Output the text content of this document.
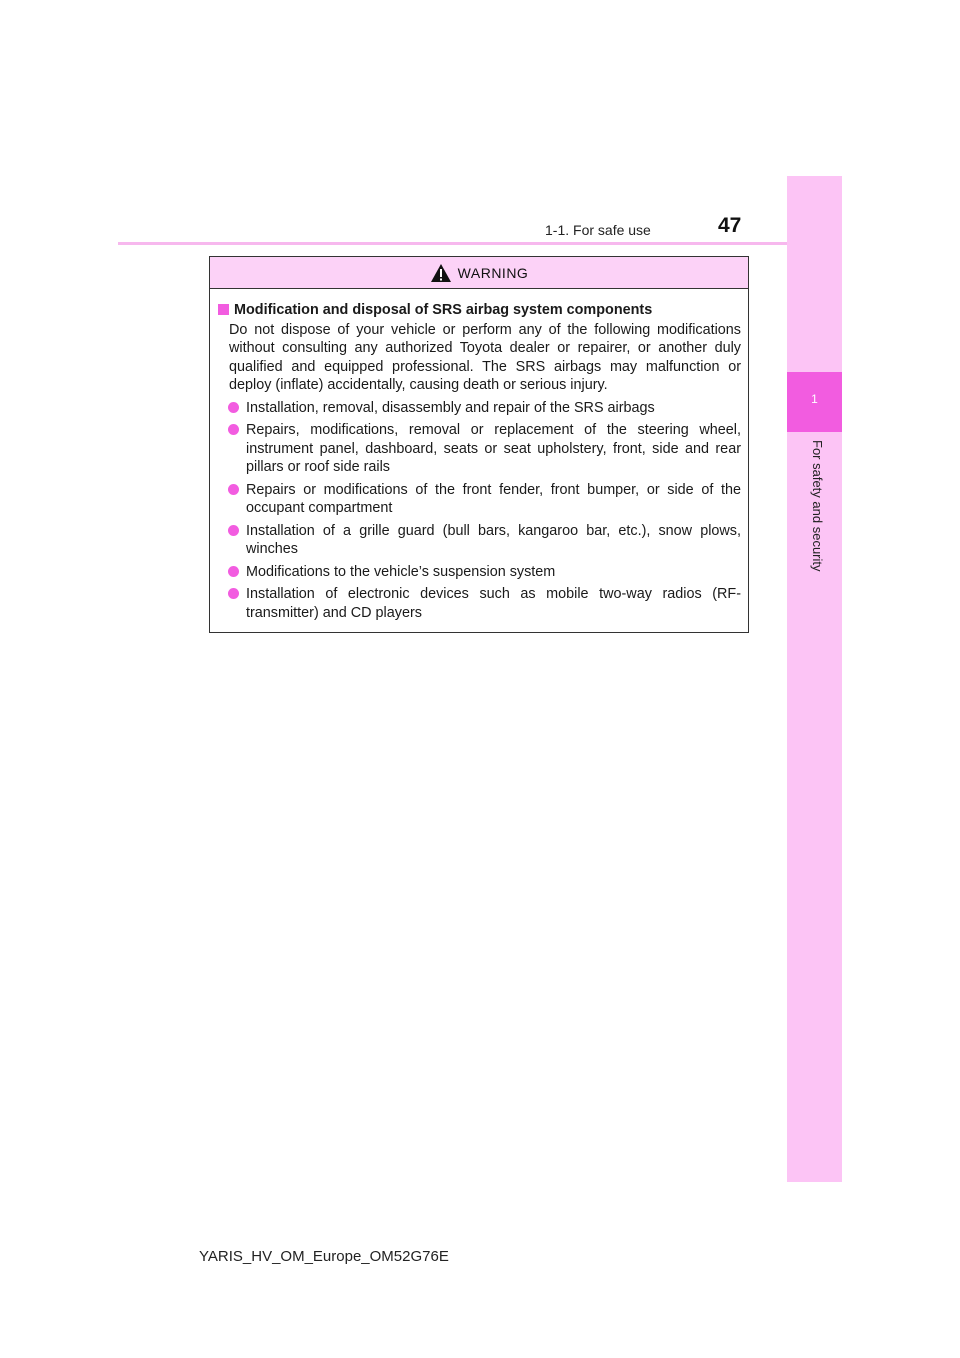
1-1. For safe use	47
1
For safety and security
WARNING
Modification and disposal of SRS airbag system components
Do not dispose of your vehicle or perform any of the following modifications without consulting any authorized Toyota dealer or repairer, or another duly qualified and equipped professional. The SRS airbags may malfunction or deploy (inflate) accidentally, causing death or serious injury.
Installation, removal, disassembly and repair of the SRS airbags
Repairs, modifications, removal or replacement of the steering wheel, instrument panel, dashboard, seats or seat upholstery, front, side and rear pillars or roof side rails
Repairs or modifications of the front fender, front bumper, or side of the occupant compartment
Installation of a grille guard (bull bars, kangaroo bar, etc.), snow plows, winches
Modifications to the vehicle’s suspension system
Installation of electronic devices such as mobile two-way radios (RF-transmitter) and CD players
YARIS_HV_OM_Europe_OM52G76E
